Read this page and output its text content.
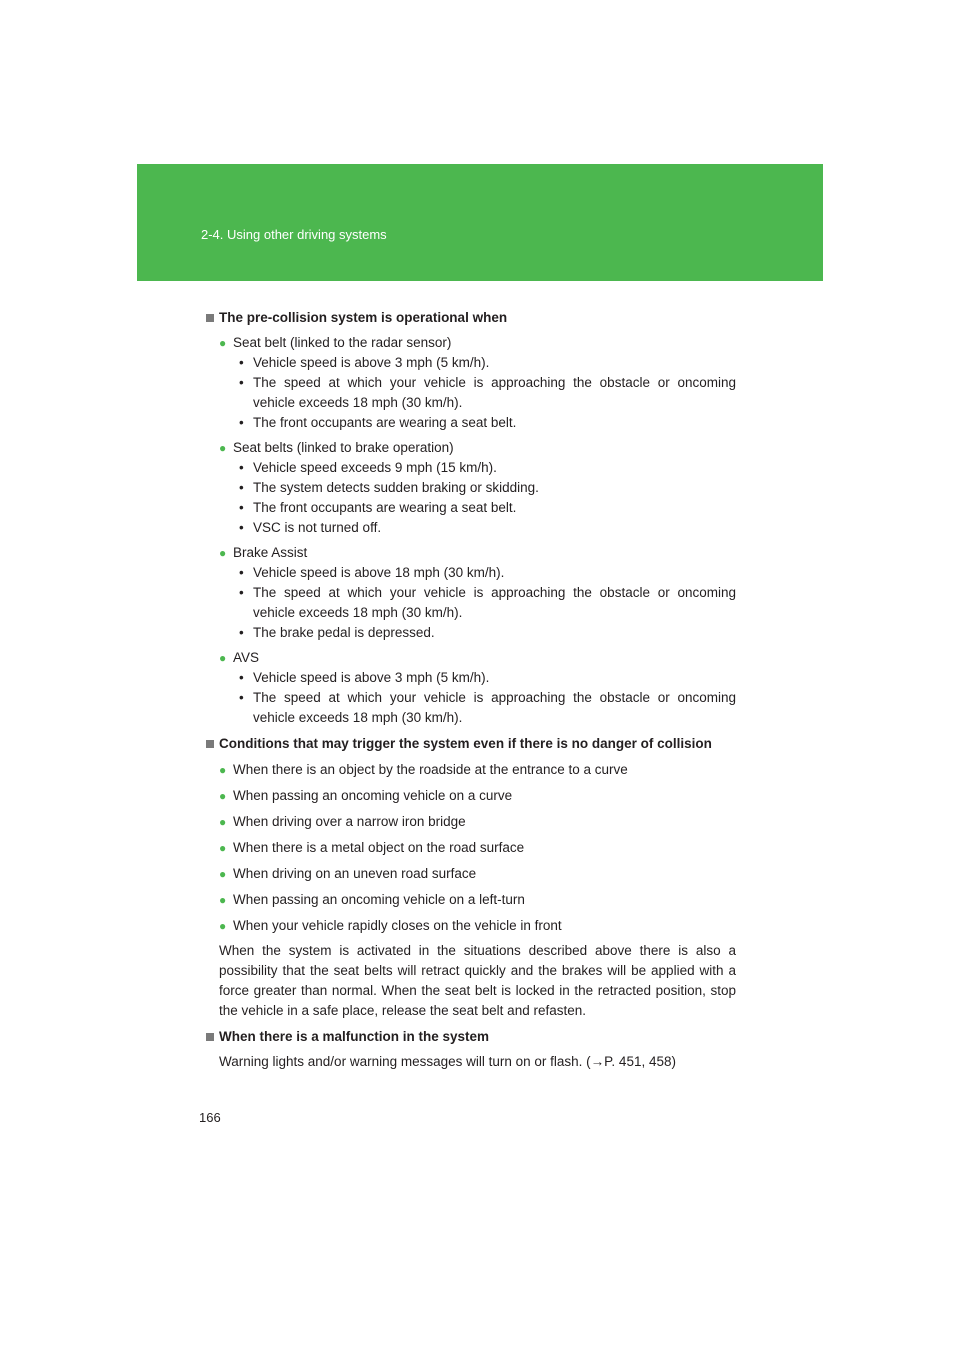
2-4. Using other driving systems
The pre-collision system is operational when
● Seat belt (linked to the radar sensor)
• Vehicle speed is above 3 mph (5 km/h).
• The speed at which your vehicle is approaching the obstacle or oncoming vehicle exceeds 18 mph (30 km/h).
• The front occupants are wearing a seat belt.
● Seat belts (linked to brake operation)
• Vehicle speed exceeds 9 mph (15 km/h).
• The system detects sudden braking or skidding.
• The front occupants are wearing a seat belt.
• VSC is not turned off.
● Brake Assist
• Vehicle speed is above 18 mph (30 km/h).
• The speed at which your vehicle is approaching the obstacle or oncoming vehicle exceeds 18 mph (30 km/h).
• The brake pedal is depressed.
● AVS
• Vehicle speed is above 3 mph (5 km/h).
• The speed at which your vehicle is approaching the obstacle or oncoming vehicle exceeds 18 mph (30 km/h).
Conditions that may trigger the system even if there is no danger of collision
● When there is an object by the roadside at the entrance to a curve
● When passing an oncoming vehicle on a curve
● When driving over a narrow iron bridge
● When there is a metal object on the road surface
● When driving on an uneven road surface
● When passing an oncoming vehicle on a left-turn
● When your vehicle rapidly closes on the vehicle in front
When the system is activated in the situations described above there is also a possibility that the seat belts will retract quickly and the brakes will be applied with a force greater than normal. When the seat belt is locked in the retracted position, stop the vehicle in a safe place, release the seat belt and refasten.
When there is a malfunction in the system
Warning lights and/or warning messages will turn on or flash. (→P. 451, 458)
166
